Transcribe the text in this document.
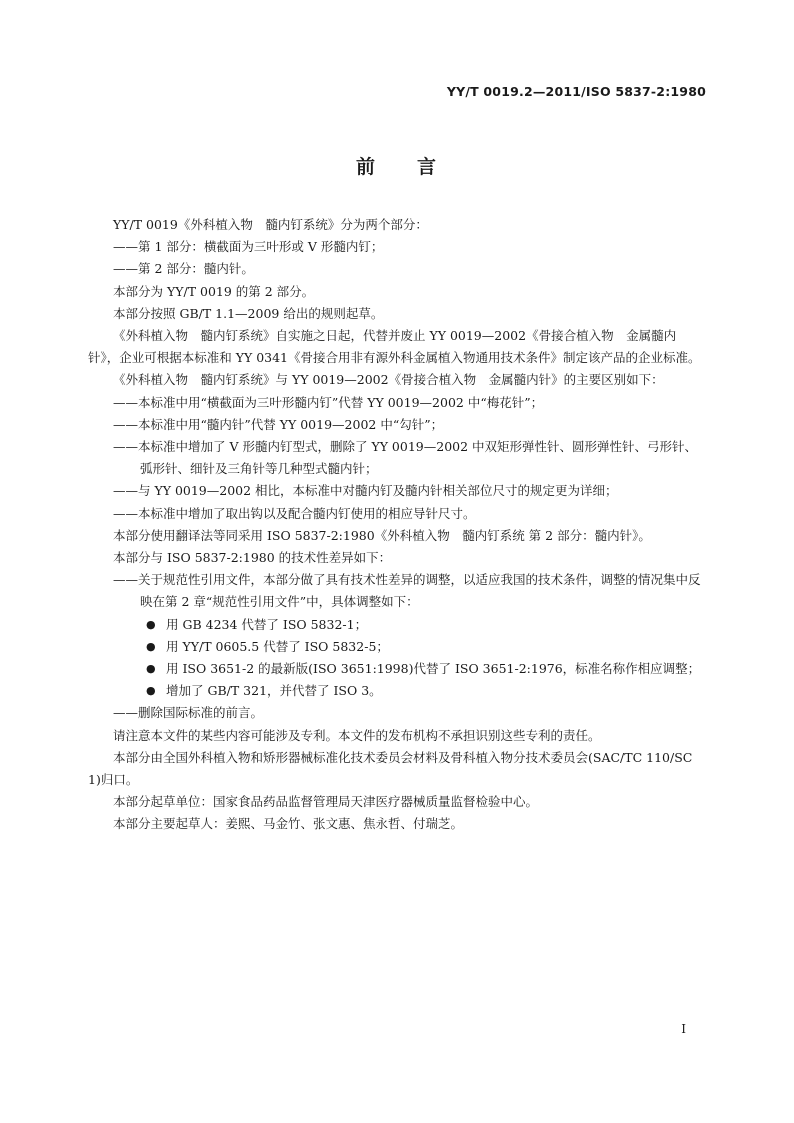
YY/T 0019.2—2011/ISO 5837-2:1980
前 言
YY/T 0019《外科植入物　髓内钉系统》分为两个部分：
——第 1 部分：横截面为三叶形或 V 形髓内钉；
——第 2 部分：髓内针。
本部分为 YY/T 0019 的第 2 部分。
本部分按照 GB/T 1.1—2009 给出的规则起草。
《外科植入物　髓内钉系统》自实施之日起，代替并废止 YY 0019—2002《骨接合植入物　金属髓内针》，企业可根据本标准和 YY 0341《骨接合用非有源外科金属植入物通用技术条件》制定该产品的企业标准。
《外科植入物　髓内钉系统》与 YY 0019—2002《骨接合植入物　金属髓内针》的主要区别如下：
——本标准中用“横截面为三叶形髓内钉”代替 YY 0019—2002 中“梅花针”；
——本标准中用“髓内针”代替 YY 0019—2002 中“勾针”；
——本标准中增加了 V 形髓内钉型式，删除了 YY 0019—2002 中双矩形弹性针、圆形弹性针、弓形针、弧形针、细针及三角针等几种型式髓内针；
——与 YY 0019—2002 相比，本标准中对髓内钉及髓内针相关部位尺寸的规定更为详细；
——本标准中增加了取出钩以及配合髓内钉使用的相应导针尺寸。
本部分使用翻译法等同采用 ISO 5837-2:1980《外科植入物　髓内钉系统 第 2 部分：髓内针》。
本部分与 ISO 5837-2:1980 的技术性差异如下：
——关于规范性引用文件，本部分做了具有技术性差异的调整，以适应我国的技术条件，调整的情况集中反映在第 2 章“规范性引用文件”中，具体调整如下：
● 用 GB 4234 代替了 ISO 5832-1；
● 用 YY/T 0605.5 代替了 ISO 5832-5；
● 用 ISO 3651-2 的最新版(ISO 3651:1998)代替了 ISO 3651-2:1976，标准名称作相应调整；
● 增加了 GB/T 321，并代替了 ISO 3。
——删除国际标准的前言。
请注意本文件的某些内容可能涉及专利。本文件的发布机构不承担识别这些专利的责任。
本部分由全国外科植入物和矫形器械标准化技术委员会材料及骨科植入物分技术委员会(SAC/TC 110/SC 1)归口。
本部分起草单位：国家食品药品监督管理局天津医疗器械质量监督检验中心。
本部分主要起草人：姜熙、马金竹、张文惠、焦永哲、付瑞芝。
I
